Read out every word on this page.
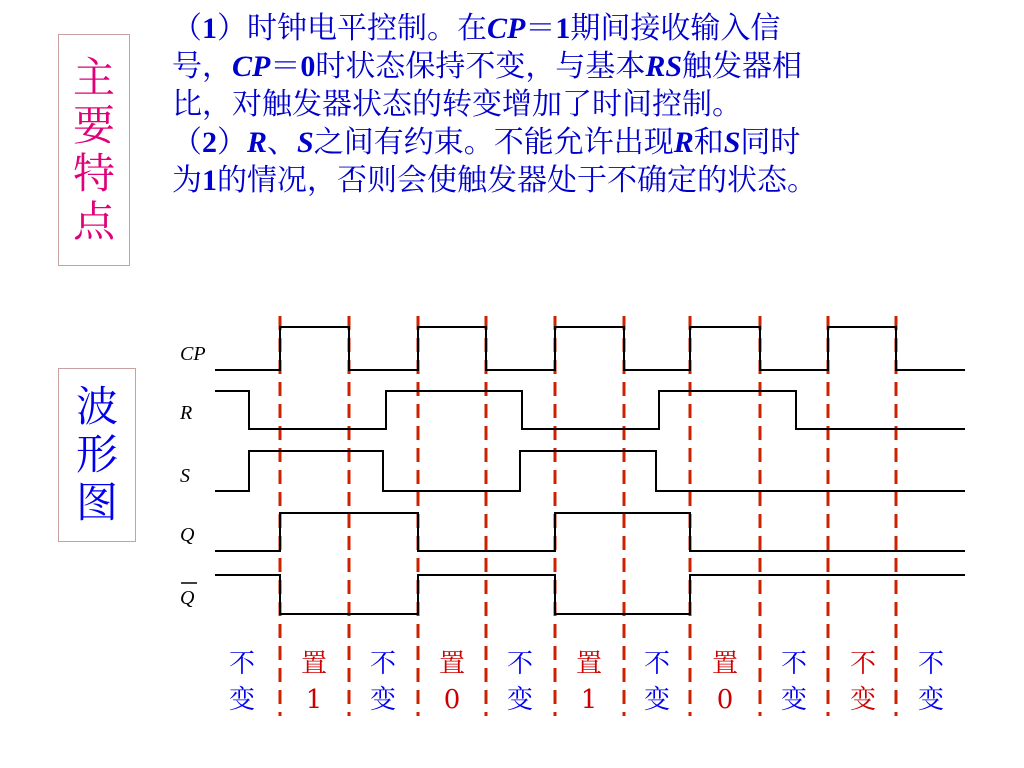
主
要
特
点
波
形
图
（1）时钟电平控制。在CP＝1期间接收输入信
号，CP＝0时状态保持不变，与基本RS触发器相
比，对触发器状态的转变增加了时间控制。
（2）R、S之间有约束。不能允许出现R和S同时
为1的情况，否则会使触发器处于不确定的状态。
CP
R
S
Q
Q
不
变
置
1
不
变
置
0
不
变
置
1
不
变
置
0
不
变
不
变
不
变
